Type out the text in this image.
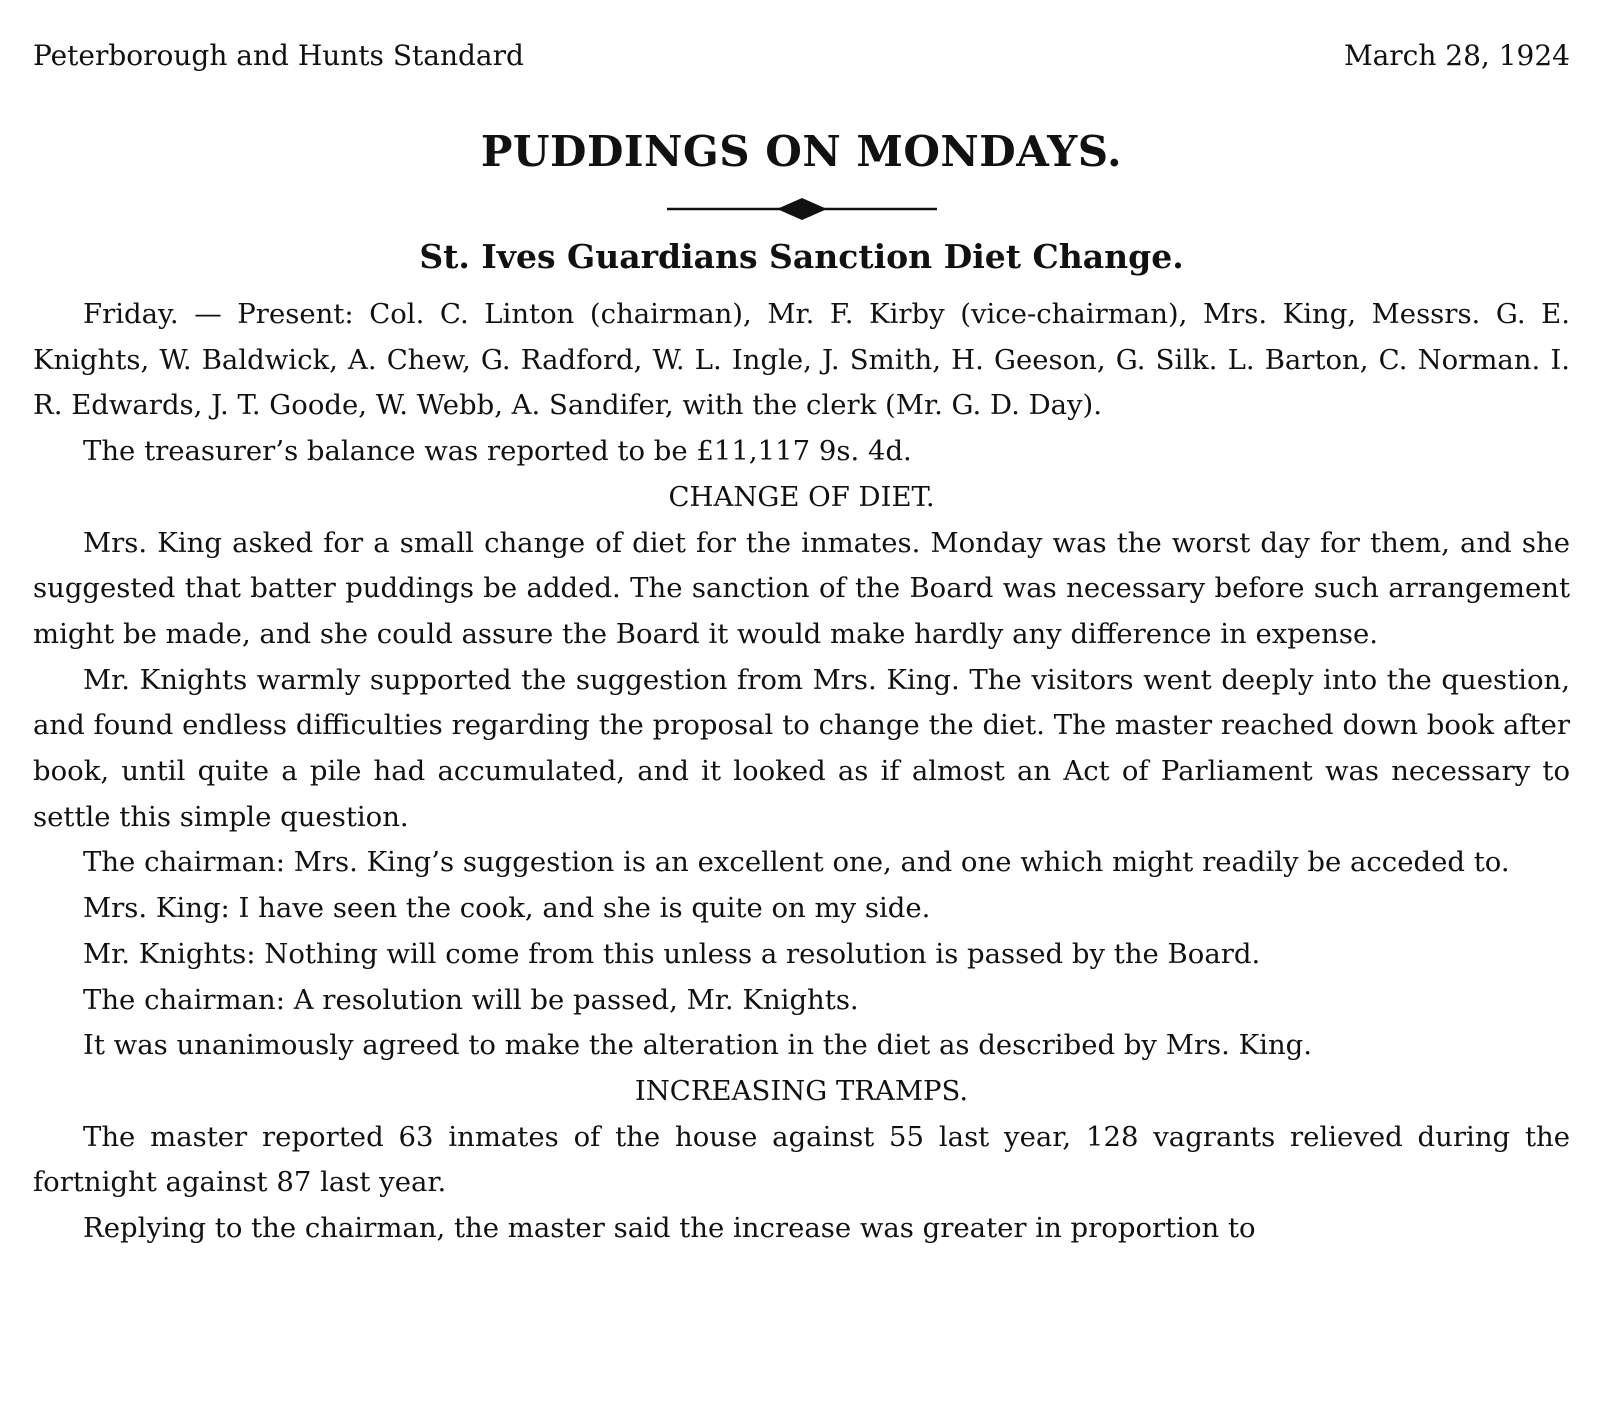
Peterborough and Hunts Standard	March 28, 1924
PUDDINGS ON MONDAYS.
St. Ives Guardians Sanction Diet Change.

Friday. — Present: Col. C. Linton (chairman), Mr. F. Kirby (vice-chairman), Mrs. King, Messrs. G. E. Knights, W. Baldwick, A. Chew, G. Radford, W. L. Ingle, J. Smith, H. Geeson, G. Silk. L. Barton, C. Norman. I. R. Edwards, J. T. Goode, W. Webb, A. Sandifer, with the clerk (Mr. G. D. Day).

The treasurer’s balance was reported to be £11,117 9s. 4d.

CHANGE OF DIET.

Mrs. King asked for a small change of diet for the inmates. Monday was the worst day for them, and she suggested that batter puddings be added. The sanction of the Board was necessary before such arrangement might be made, and she could assure the Board it would make hardly any difference in expense.

Mr. Knights warmly supported the suggestion from Mrs. King. The visitors went deeply into the question, and found endless difficulties regarding the proposal to change the diet. The master reached down book after book, until quite a pile had accumulated, and it looked as if almost an Act of Parliament was necessary to settle this simple question.

The chairman: Mrs. King’s suggestion is an excellent one, and one which might readily be acceded to.

Mrs. King: I have seen the cook, and she is quite on my side.

Mr. Knights: Nothing will come from this unless a resolution is passed by the Board.

The chairman: A resolution will be passed, Mr. Knights.

It was unanimously agreed to make the alteration in the diet as described by Mrs. King.

INCREASING TRAMPS.

The master reported 63 inmates of the house against 55 last year, 128 vagrants relieved during the fortnight against 87 last year.

Replying to the chairman, the master said the increase was greater in proportion to
